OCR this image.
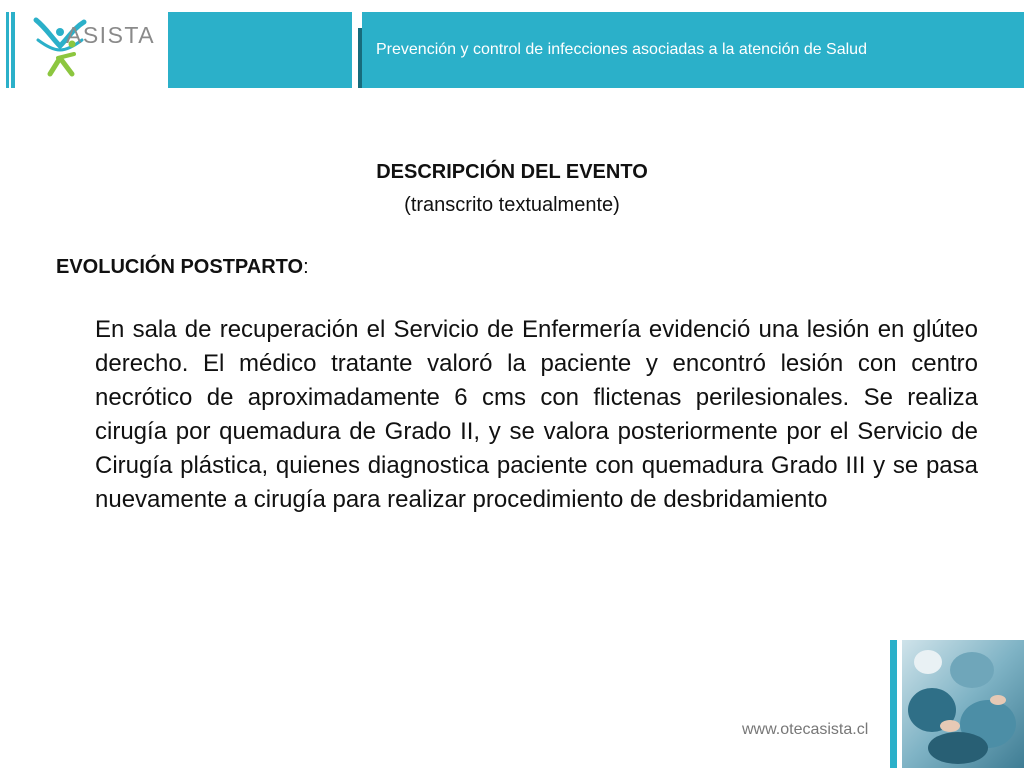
ASISTA
Prevención y control de infecciones asociadas a la atención de Salud
DESCRIPCIÓN DEL EVENTO
(transcrito textualmente)
EVOLUCIÓN POSTPARTO:
En sala de recuperación el Servicio de Enfermería evidenció una lesión en glúteo derecho. El médico tratante valoró la paciente y encontró lesión con centro necrótico de aproximadamente 6 cms con flictenas perilesionales. Se realiza cirugía por quemadura de Grado II, y se valora posteriormente por el Servicio de Cirugía plástica, quienes diagnostica paciente con quemadura Grado III y se pasa nuevamente a cirugía para realizar procedimiento de desbridamiento
www.otecasista.cl
